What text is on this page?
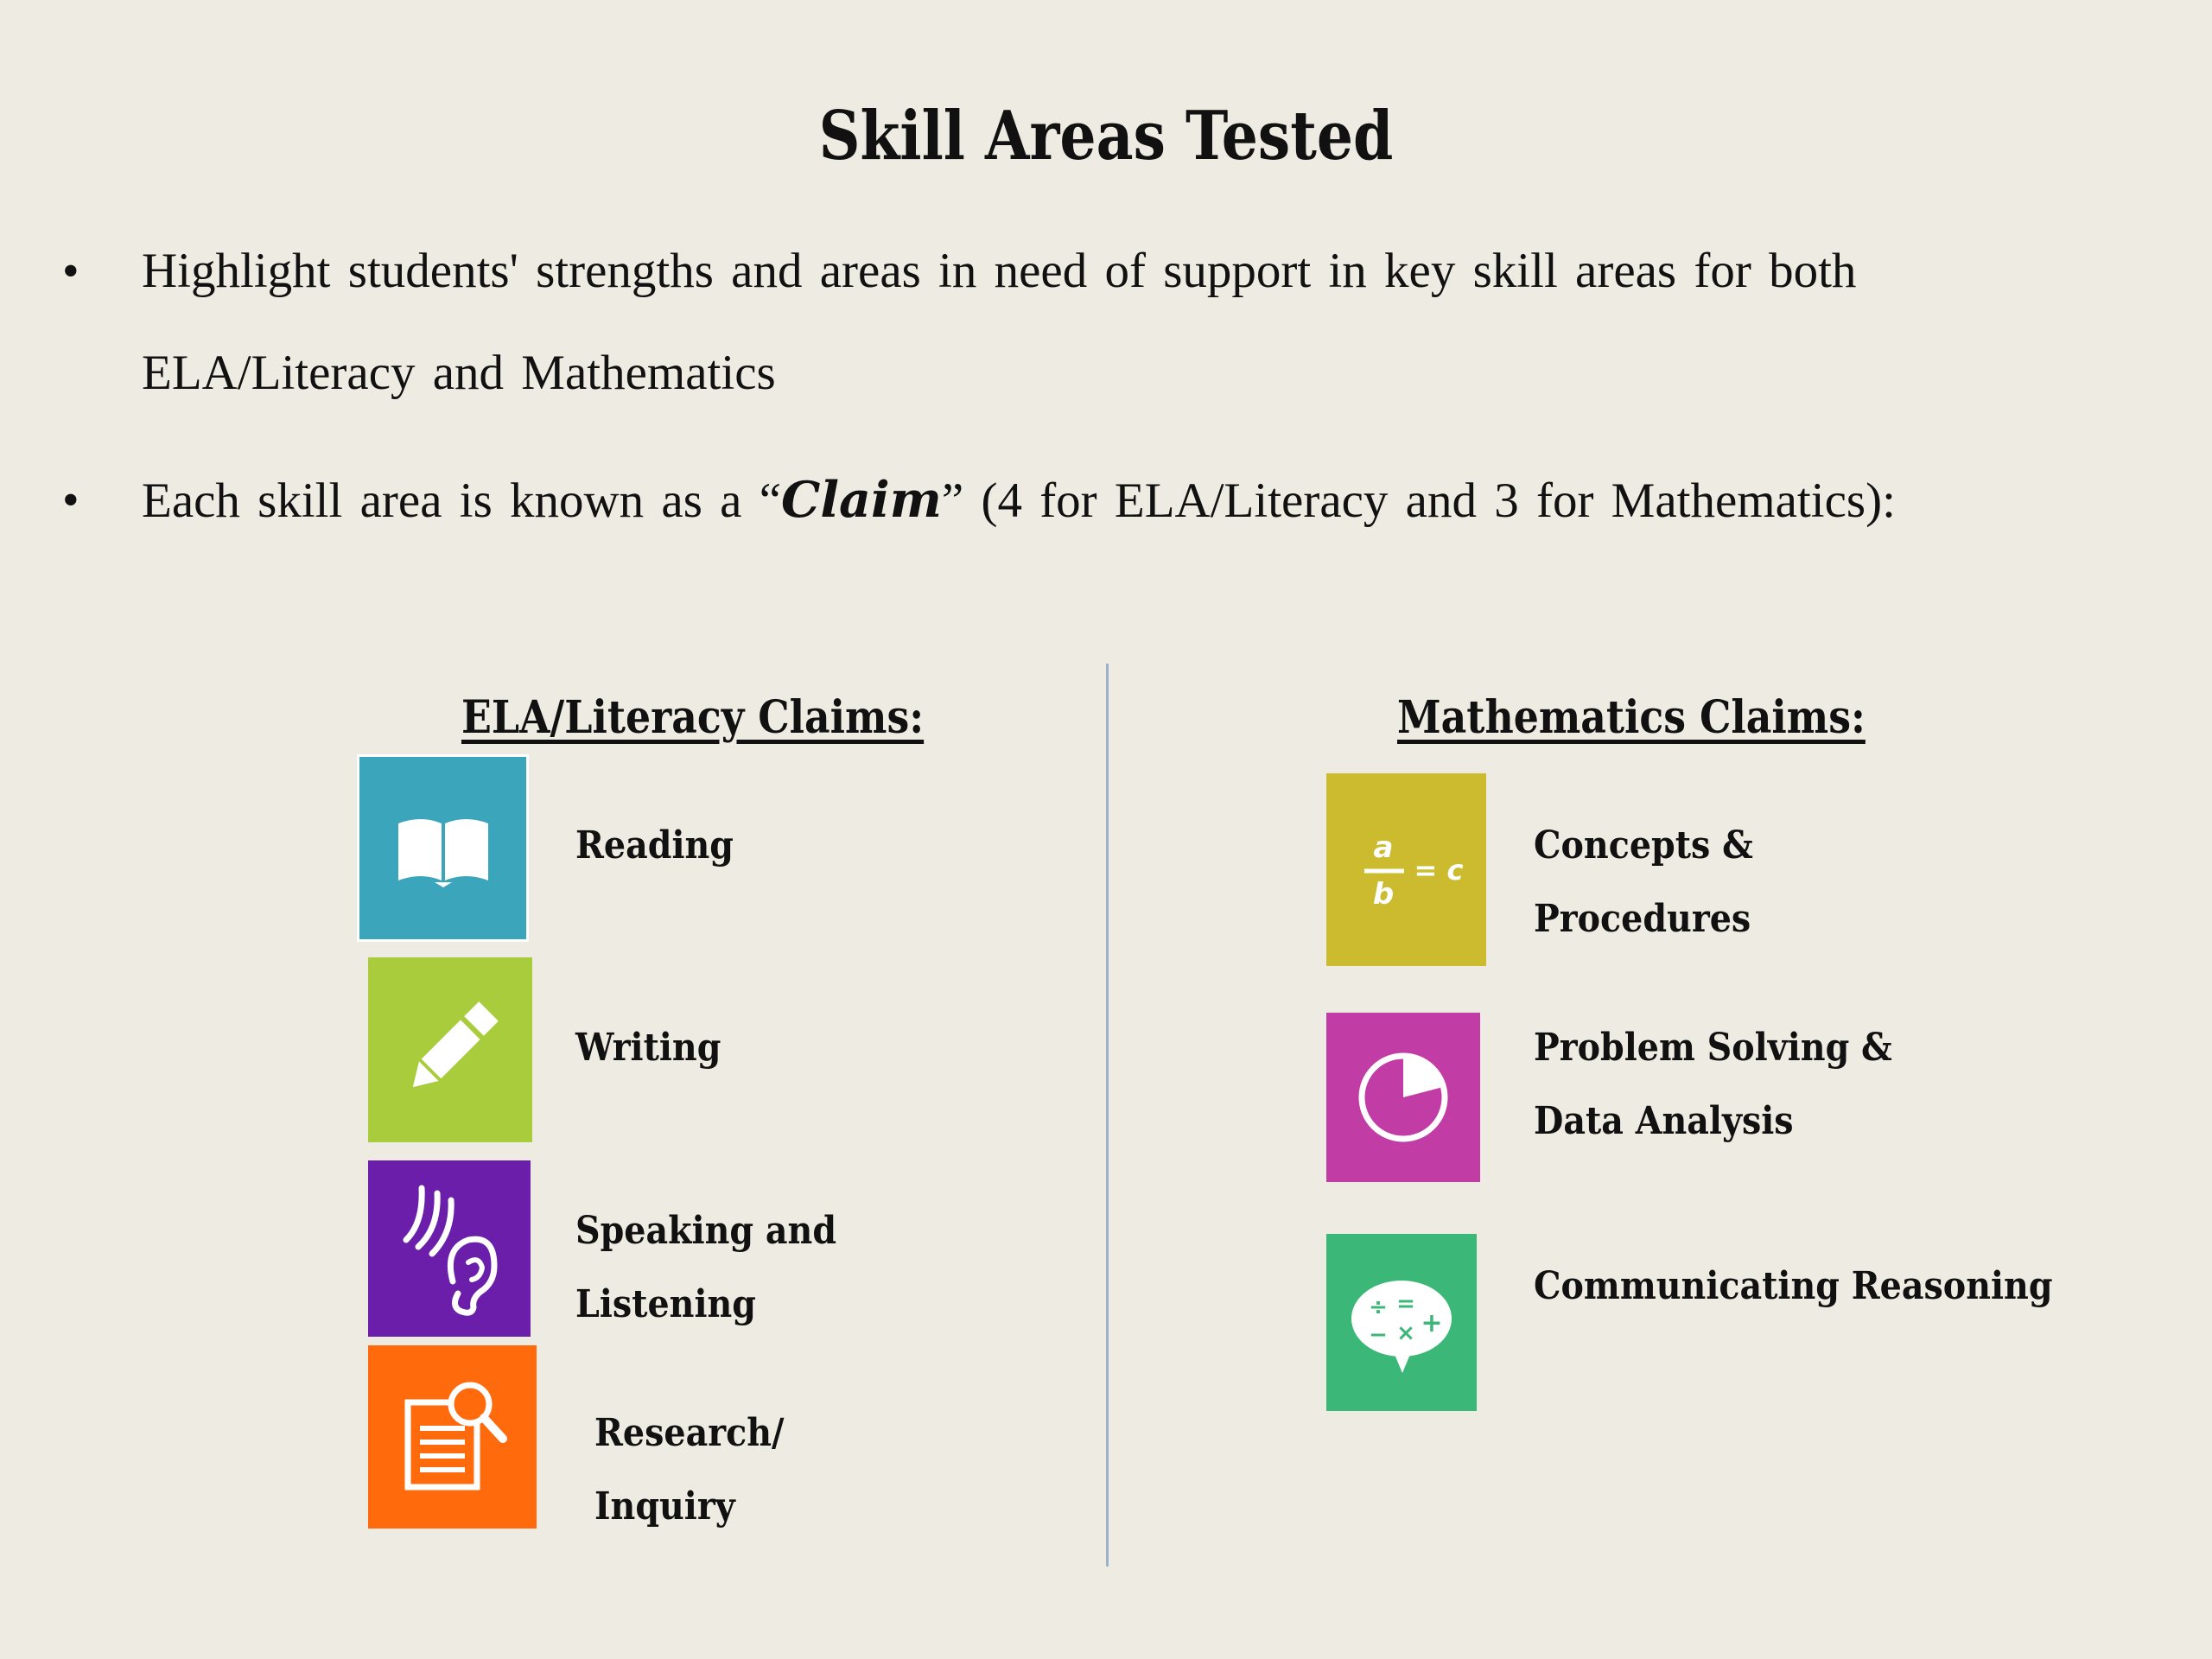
Skill Areas Tested
• Highlight students' strengths and areas in need of support in key skill areas for both
ELA/Literacy and Mathematics
• Each skill area is known as a “Claim” (4 for ELA/Literacy and 3 for Mathematics):
ELA/Literacy Claims:	Mathematics Claims:
Reading
Writing
Speaking and
Listening
Research/
Inquiry
a
b
= c
Concepts &
Procedures
Problem Solving &
Data Analysis
÷ =
− × +
Communicating Reasoning
